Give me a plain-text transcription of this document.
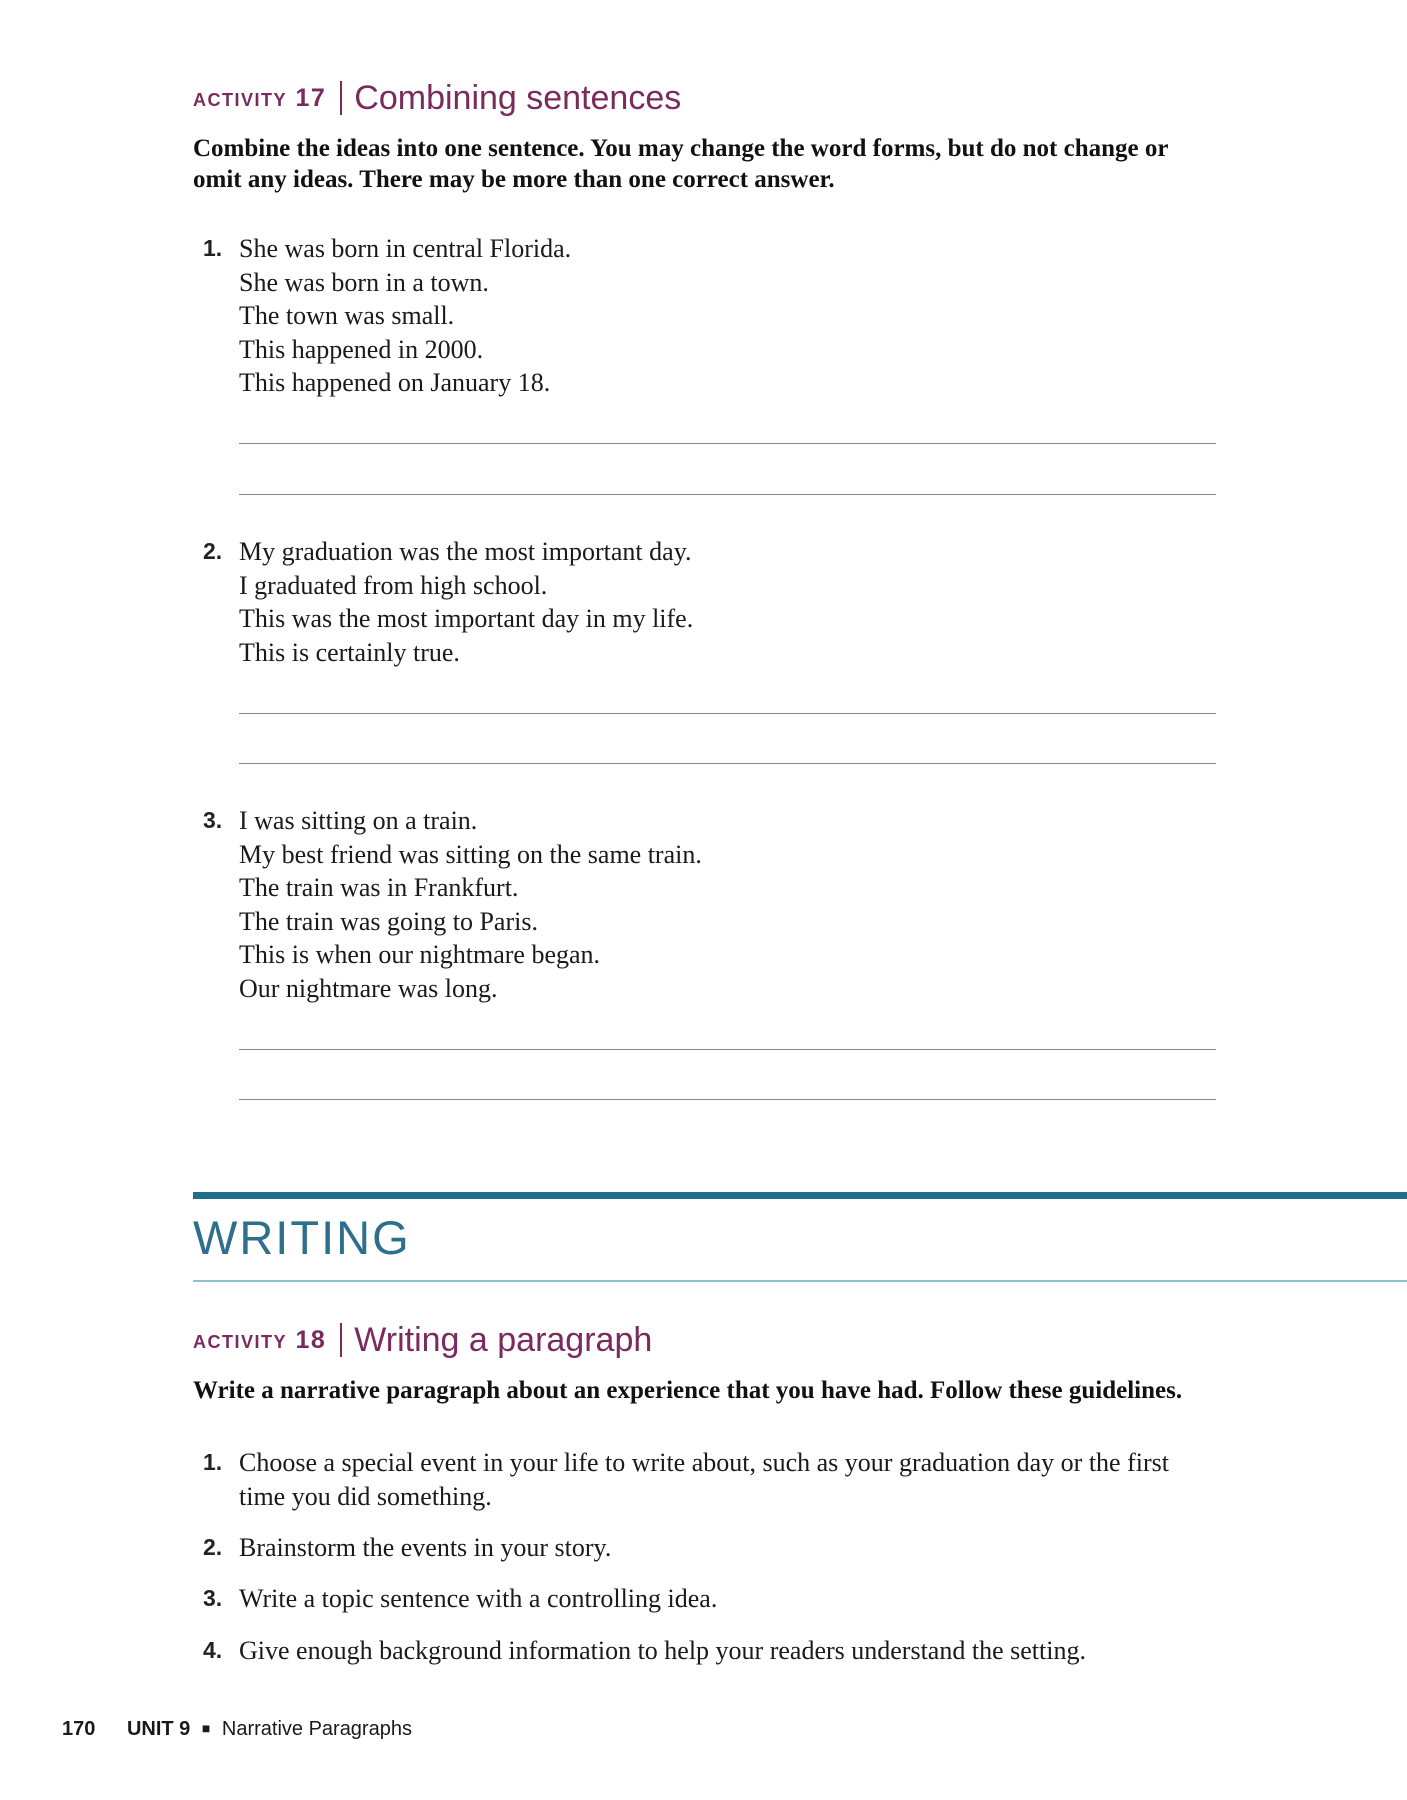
activity 17 Combining sentences
Combine the ideas into one sentence. You may change the word forms, but do not change or omit any ideas. There may be more than one correct answer.
1. She was born in central Florida.
She was born in a town.
The town was small.
This happened in 2000.
This happened on January 18.
2. My graduation was the most important day.
I graduated from high school.
This was the most important day in my life.
This is certainly true.
3. I was sitting on a train.
My best friend was sitting on the same train.
The train was in Frankfurt.
The train was going to Paris.
This is when our nightmare began.
Our nightmare was long.
WRITING
activity 18 Writing a paragraph
Write a narrative paragraph about an experience that you have had. Follow these guidelines.
1. Choose a special event in your life to write about, such as your graduation day or the first time you did something.
2. Brainstorm the events in your story.
3. Write a topic sentence with a controlling idea.
4. Give enough background information to help your readers understand the setting.
170 UNIT 9 ■ Narrative Paragraphs
